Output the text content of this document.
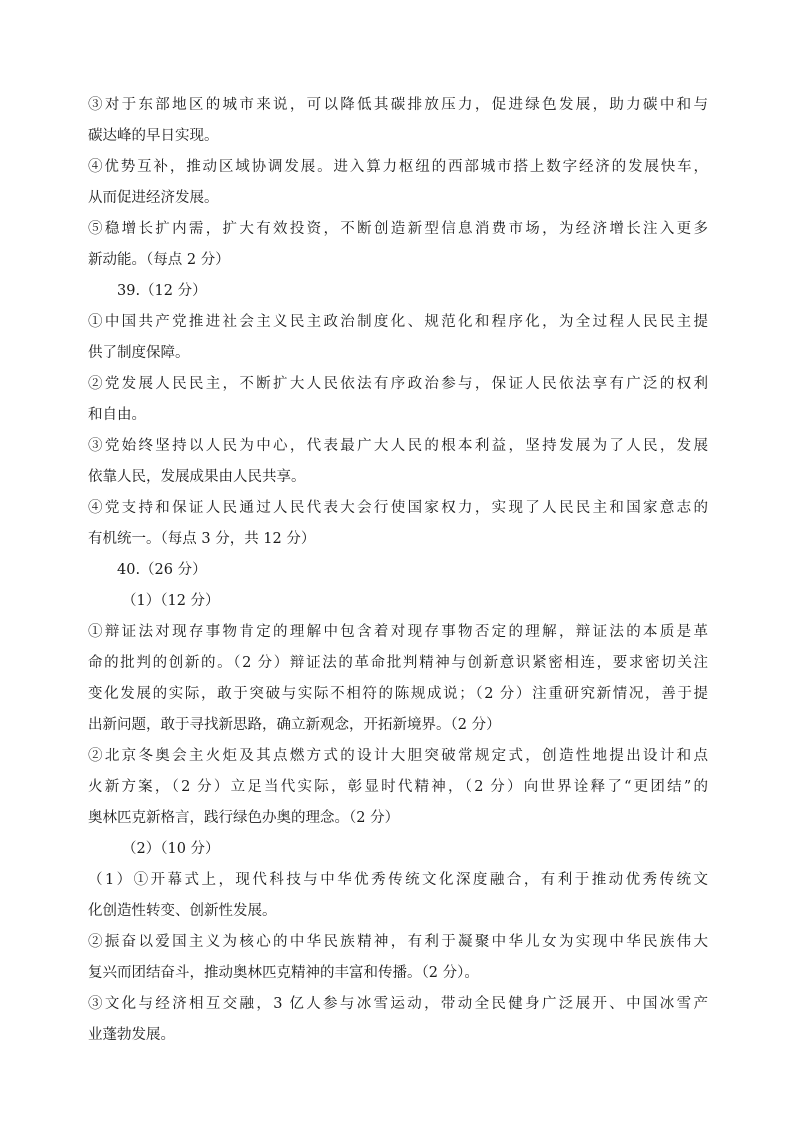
③对于东部地区的城市来说，可以降低其碳排放压力，促进绿色发展，助力碳中和与
碳达峰的早日实现。
④优势互补，推动区域协调发展。进入算力枢纽的西部城市搭上数字经济的发展快车，
从而促进经济发展。
⑤稳增长扩内需，扩大有效投资，不断创造新型信息消费市场，为经济增长注入更多
新动能。（每点 2 分）
39.（12 分）
①中国共产党推进社会主义民主政治制度化、规范化和程序化，为全过程人民民主提
供了制度保障。
②党发展人民民主，不断扩大人民依法有序政治参与，保证人民依法享有广泛的权利
和自由。
③党始终坚持以人民为中心，代表最广大人民的根本利益，坚持发展为了人民，发展
依靠人民，发展成果由人民共享。
④党支持和保证人民通过人民代表大会行使国家权力，实现了人民民主和国家意志的
有机统一。（每点 3 分，共 12 分）
40.（26 分）
（1）（12 分）
①辩证法对现存事物肯定的理解中包含着对现存事物否定的理解，辩证法的本质是革
命的批判的创新的。（2 分）辩证法的革命批判精神与创新意识紧密相连，要求密切关注
变化发展的实际，敢于突破与实际不相符的陈规成说；（2 分）注重研究新情况，善于提
出新问题，敢于寻找新思路，确立新观念，开拓新境界。（2 分）
②北京冬奥会主火炬及其点燃方式的设计大胆突破常规定式，创造性地提出设计和点
火新方案，（2 分）立足当代实际，彰显时代精神，（2 分）向世界诠释了“更团结”的
奥林匹克新格言，践行绿色办奥的理念。（2 分）
（2）（10 分）
（1）①开幕式上，现代科技与中华优秀传统文化深度融合，有利于推动优秀传统文
化创造性转变、创新性发展。
②振奋以爱国主义为核心的中华民族精神，有利于凝聚中华儿女为实现中华民族伟大
复兴而团结奋斗，推动奥林匹克精神的丰富和传播。（2 分）。
③文化与经济相互交融，3 亿人参与冰雪运动，带动全民健身广泛展开、中国冰雪产
业蓬勃发展。
